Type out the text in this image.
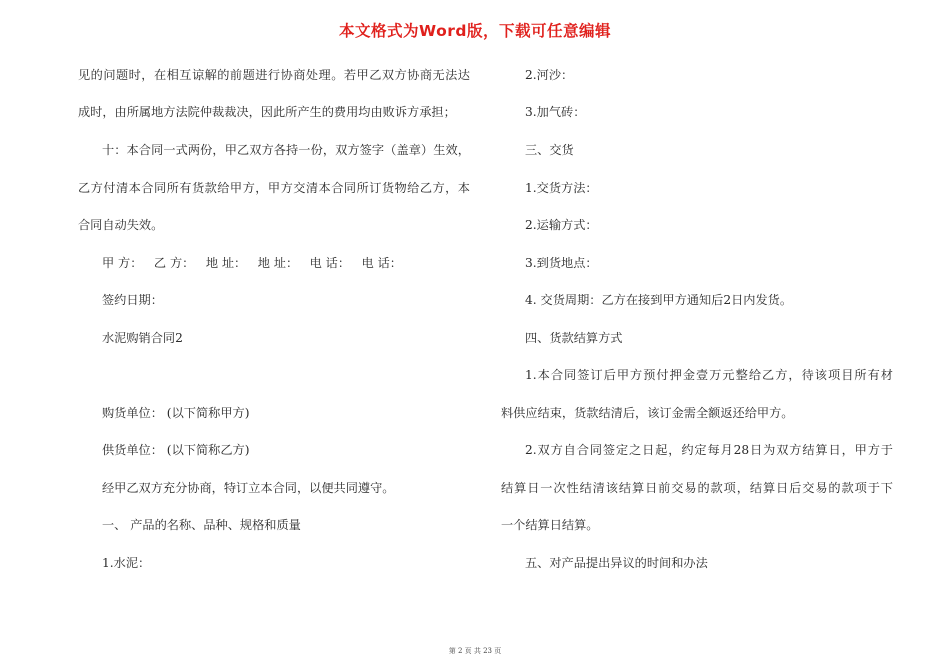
本文格式为Word版，下载可任意编辑
见的问题时，在相互谅解的前题进行协商处理。若甲乙双方协商无法达
成时，由所属地方法院仲裁裁决，因此所产生的费用均由败诉方承担；
十：本合同一式两份，甲乙双方各持一份，双方签字（盖章）生效，
乙方付清本合同所有货款给甲方，甲方交清本合同所订货物给乙方，本
合同自动失效。
甲 方： 乙 方： 地 址： 地 址： 电 话： 电 话：
签约日期：
水泥购销合同2
购货单位： (以下简称甲方)
供货单位： (以下简称乙方)
经甲乙双方充分协商，特订立本合同，以便共同遵守。
一、 产品的名称、品种、规格和质量
1.水泥：
2.河沙：
3.加气砖：
三、交货
1.交货方法：
2.运输方式：
3.到货地点：
4. 交货周期：乙方在接到甲方通知后2日内发货。
四、货款结算方式
1.本合同签订后甲方预付押金壹万元整给乙方，待该项目所有材
料供应结束，货款结清后，该订金需全额返还给甲方。
2.双方自合同签定之日起，约定每月28日为双方结算日，甲方于
结算日一次性结清该结算日前交易的款项，结算日后交易的款项于下
一个结算日结算。
五、对产品提出异议的时间和办法
第 2 页 共 23 页
